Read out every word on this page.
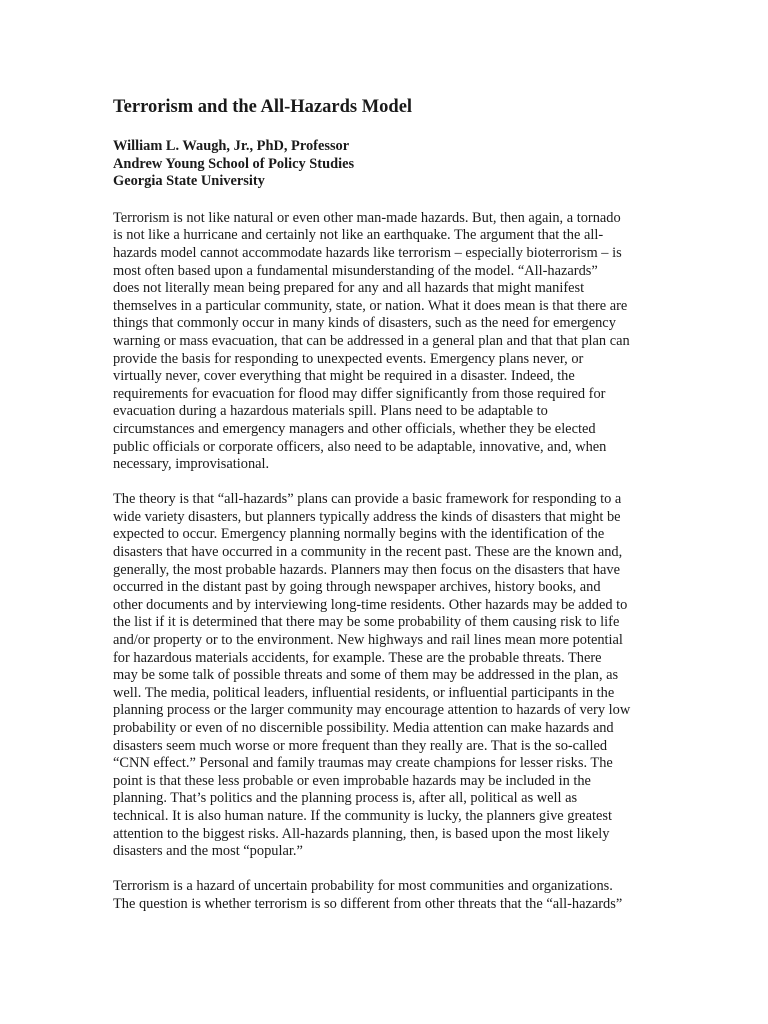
Terrorism and the All-Hazards Model
William L. Waugh, Jr., PhD, Professor
Andrew Young School of Policy Studies
Georgia State University
Terrorism is not like natural or even other man-made hazards. But, then again, a tornado
is not like a hurricane and certainly not like an earthquake. The argument that the all-
hazards model cannot accommodate hazards like terrorism – especially bioterrorism – is
most often based upon a fundamental misunderstanding of the model. “All-hazards”
does not literally mean being prepared for any and all hazards that might manifest
themselves in a particular community, state, or nation. What it does mean is that there are
things that commonly occur in many kinds of disasters, such as the need for emergency
warning or mass evacuation, that can be addressed in a general plan and that that plan can
provide the basis for responding to unexpected events. Emergency plans never, or
virtually never, cover everything that might be required in a disaster. Indeed, the
requirements for evacuation for flood may differ significantly from those required for
evacuation during a hazardous materials spill. Plans need to be adaptable to
circumstances and emergency managers and other officials, whether they be elected
public officials or corporate officers, also need to be adaptable, innovative, and, when
necessary, improvisational.
The theory is that “all-hazards” plans can provide a basic framework for responding to a
wide variety disasters, but planners typically address the kinds of disasters that might be
expected to occur. Emergency planning normally begins with the identification of the
disasters that have occurred in a community in the recent past. These are the known and,
generally, the most probable hazards. Planners may then focus on the disasters that have
occurred in the distant past by going through newspaper archives, history books, and
other documents and by interviewing long-time residents. Other hazards may be added to
the list if it is determined that there may be some probability of them causing risk to life
and/or property or to the environment. New highways and rail lines mean more potential
for hazardous materials accidents, for example. These are the probable threats. There
may be some talk of possible threats and some of them may be addressed in the plan, as
well. The media, political leaders, influential residents, or influential participants in the
planning process or the larger community may encourage attention to hazards of very low
probability or even of no discernible possibility. Media attention can make hazards and
disasters seem much worse or more frequent than they really are. That is the so-called
“CNN effect.” Personal and family traumas may create champions for lesser risks. The
point is that these less probable or even improbable hazards may be included in the
planning. That’s politics and the planning process is, after all, political as well as
technical. It is also human nature. If the community is lucky, the planners give greatest
attention to the biggest risks. All-hazards planning, then, is based upon the most likely
disasters and the most “popular.”
Terrorism is a hazard of uncertain probability for most communities and organizations.
The question is whether terrorism is so different from other threats that the “all-hazards”
